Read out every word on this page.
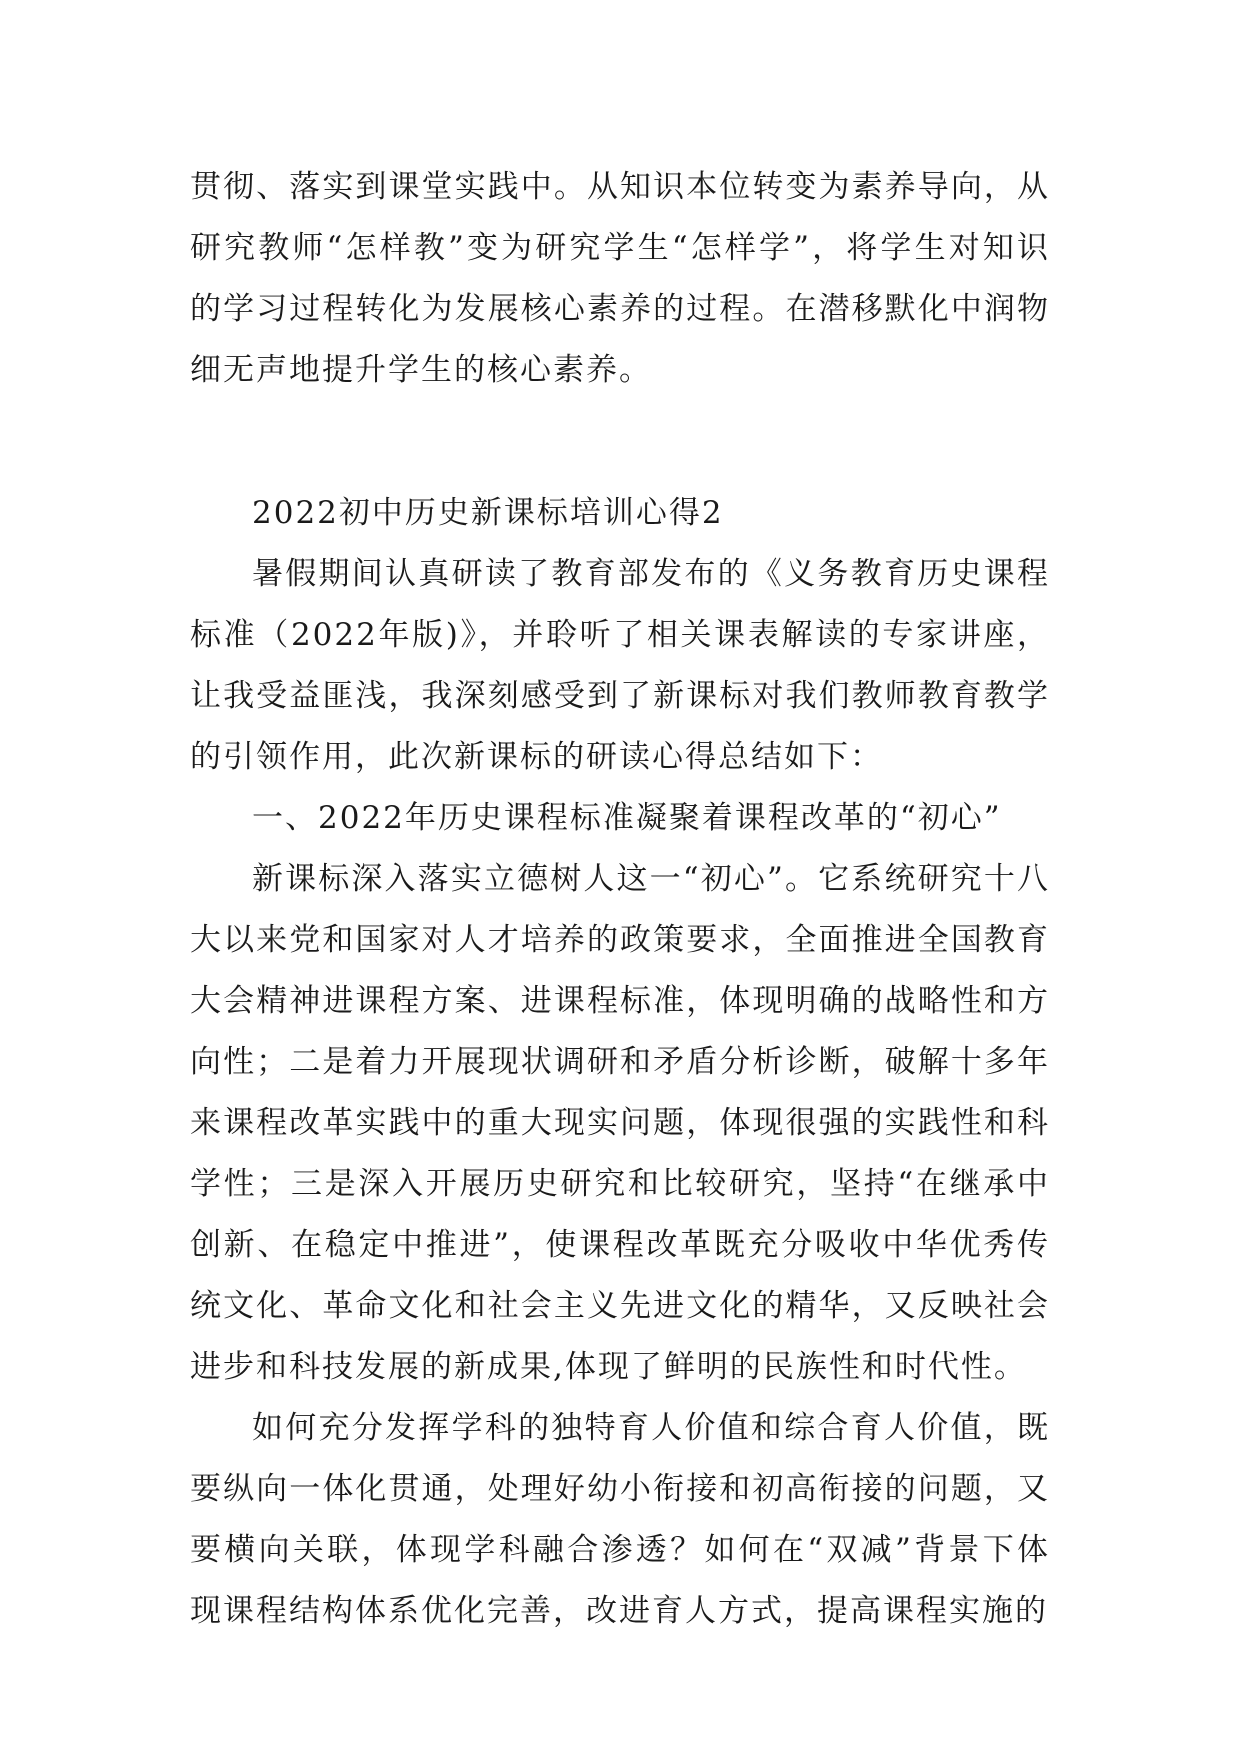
贯彻、落实到课堂实践中。从知识本位转变为素养导向，从研究教师“怎样教”变为研究学生“怎样学”，将学生对知识的学习过程转化为发展核心素养的过程。在潜移默化中润物细无声地提升学生的核心素养。

2022初中历史新课标培训心得2

暑假期间认真研读了教育部发布的《义务教育历史课程标准（2022年版)》，并聆听了相关课表解读的专家讲座，让我受益匪浅，我深刻感受到了新课标对我们教师教育教学的引领作用，此次新课标的研读心得总结如下：

一、2022年历史课程标准凝聚着课程改革的“初心”

新课标深入落实立德树人这一“初心”。它系统研究十八大以来党和国家对人才培养的政策要求，全面推进全国教育大会精神进课程方案、进课程标准，体现明确的战略性和方向性；二是着力开展现状调研和矛盾分析诊断，破解十多年来课程改革实践中的重大现实问题，体现很强的实践性和科学性；三是深入开展历史研究和比较研究，坚持“在继承中创新、在稳定中推进”，使课程改革既充分吸收中华优秀传统文化、革命文化和社会主义先进文化的精华，又反映社会进步和科技发展的新成果,体现了鲜明的民族性和时代性。

如何充分发挥学科的独特育人价值和综合育人价值，既要纵向一体化贯通，处理好幼小衔接和初高衔接的问题，又要横向关联，体现学科融合渗透？如何在“双减”背景下体现课程结构体系优化完善，改进育人方式，提高课程实施的
